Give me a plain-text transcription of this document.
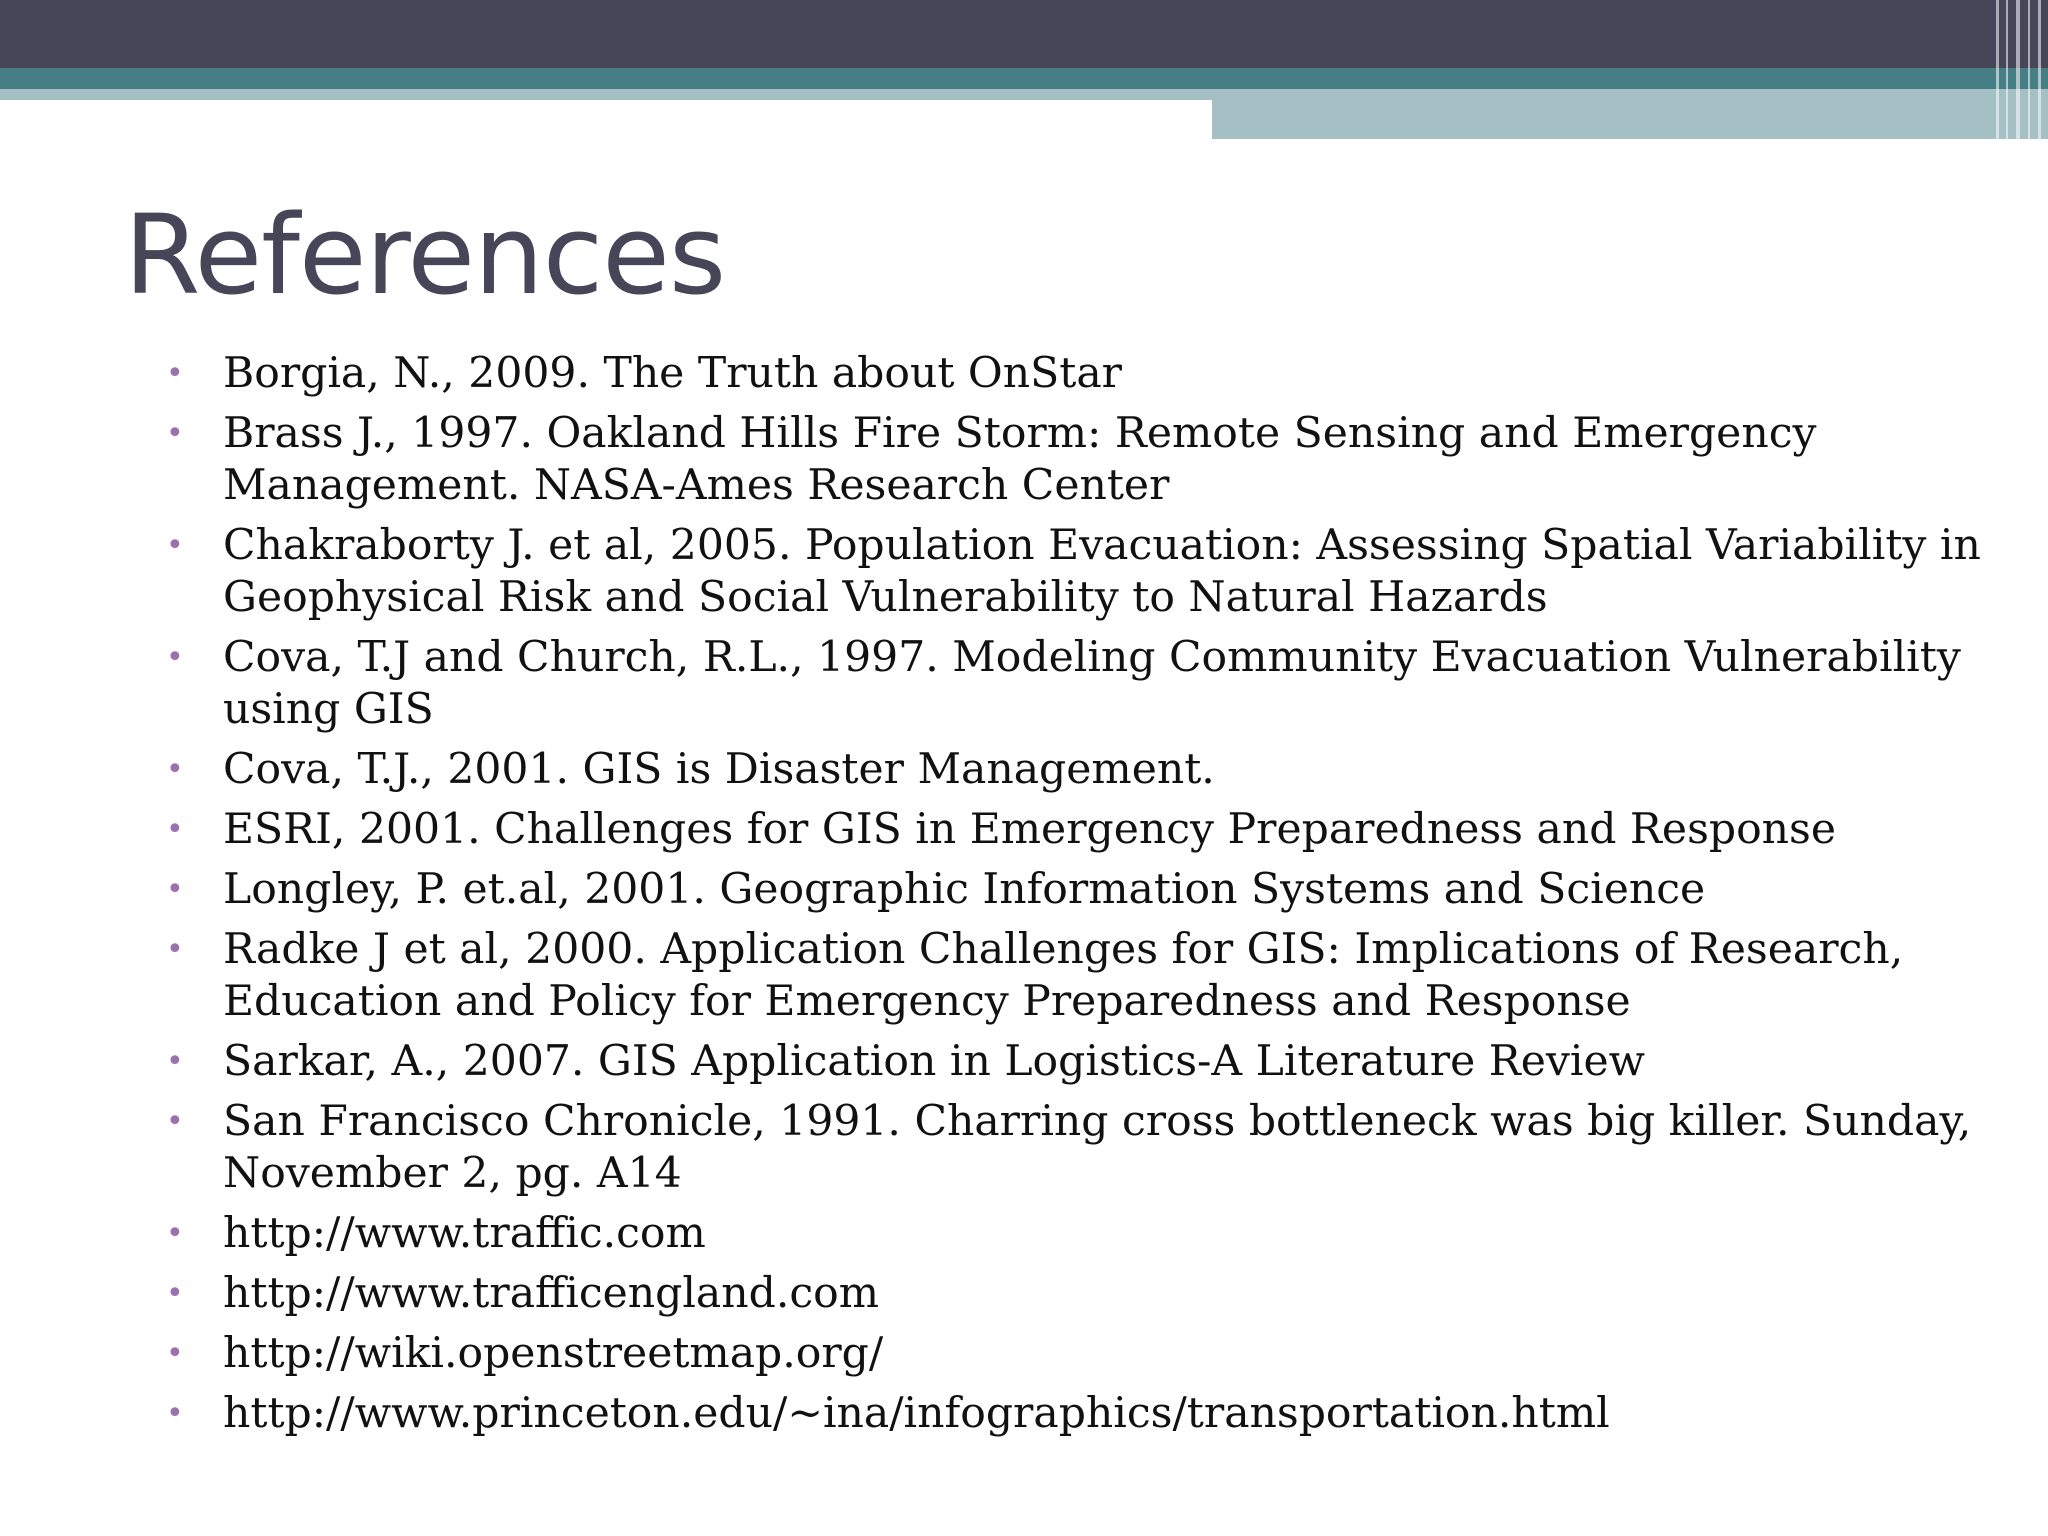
References
• Borgia, N., 2009. The Truth about OnStar
• Brass J., 1997. Oakland Hills Fire Storm: Remote Sensing and Emergency Management. NASA-Ames Research Center
• Chakraborty J. et al, 2005. Population Evacuation: Assessing Spatial Variability in Geophysical Risk and Social Vulnerability to Natural Hazards
• Cova, T.J and Church, R.L., 1997. Modeling Community Evacuation Vulnerability using GIS
• Cova, T.J., 2001. GIS is Disaster Management.
• ESRI, 2001. Challenges for GIS in Emergency Preparedness and Response
• Longley, P. et.al, 2001. Geographic Information Systems and Science
• Radke J et al, 2000. Application Challenges for GIS: Implications of Research, Education and Policy for Emergency Preparedness and Response
• Sarkar, A., 2007. GIS Application in Logistics-A Literature Review
• San Francisco Chronicle, 1991. Charring cross bottleneck was big killer. Sunday, November 2, pg. A14
• http://www.traffic.com
• http://www.trafficengland.com
• http://wiki.openstreetmap.org/
• http://www.princeton.edu/~ina/infographics/transportation.html
